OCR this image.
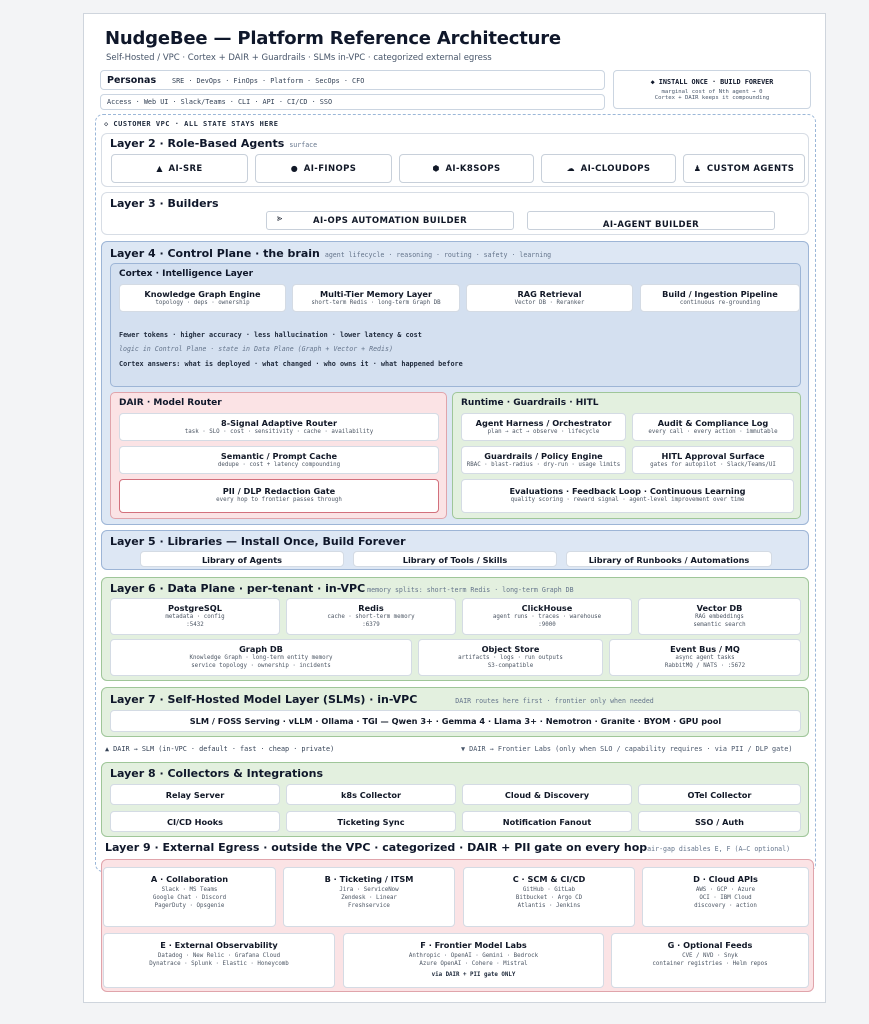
NudgeBee — Platform Reference Architecture
Self-Hosted / VPC · Cortex + DAIR + Guardrails · SLMs in-VPC · categorized external egress
Personas SRE · DevOps · FinOps · Platform · SecOps · CFO
Access · Web UI · Slack/Teams · CLI · API · CI/CD · SSO
◆ INSTALL ONCE · BUILD FOREVER
marginal cost of Nth agent → 0
Cortex + DAIR keeps it compounding
◇ CUSTOMER VPC · ALL STATE STAYS HERE
Layer 2 · Role-Based Agents surface
▲ AI-SRE	● AI-FINOPS	⬢ AI-K8SOPS	☁ AI-CLOUDOPS	♟ CUSTOM AGENTS
Layer 3 · Builders
⪢	AI-OPS AUTOMATION BUILDER	AI-AGENT BUILDER
Layer 4 · Control Plane · the brain agent lifecycle · reasoning · routing · safety · learning
Cortex · Intelligence Layer
Knowledge Graph Engine
topology · deps · ownership
Multi-Tier Memory Layer
short-term Redis · long-term Graph DB
RAG Retrieval
Vector DB · Reranker
Build / Ingestion Pipeline
continuous re-grounding
Fewer tokens · higher accuracy · less hallucination · lower latency & cost
logic in Control Plane · state in Data Plane (Graph + Vector + Redis)
Cortex answers: what is deployed · what changed · who owns it · what happened before
DAIR · Model Router
8-Signal Adaptive Router
task · SLO · cost · sensitivity · cache · availability
Semantic / Prompt Cache
dedupe · cost + latency compounding
PII / DLP Redaction Gate
every hop to frontier passes through
Runtime · Guardrails · HITL
Agent Harness / Orchestrator
plan → act → observe · lifecycle
Audit & Compliance Log
every call · every action · immutable
Guardrails / Policy Engine
RBAC · blast-radius · dry-run · usage limits
HITL Approval Surface
gates for autopilot · Slack/Teams/UI
Evaluations · Feedback Loop · Continuous Learning
quality scoring · reward signal · agent-level improvement over time
Layer 5 · Libraries — Install Once, Build Forever
Library of Agents	Library of Tools / Skills	Library of Runbooks / Automations
Layer 6 · Data Plane · per-tenant · in-VPC memory splits: short-term Redis · long-term Graph DB
PostgreSQL
metadata · config
:5432
Redis
cache · short-term memory
:6379
ClickHouse
agent runs · traces · warehouse
:9000
Vector DB
RAG embeddings
semantic search
Graph DB
Knowledge Graph · long-term entity memory
service topology · ownership · incidents
Object Store
artifacts · logs · run outputs
S3-compatible
Event Bus / MQ
async agent tasks
RabbitMQ / NATS · :5672
Layer 7 · Self-Hosted Model Layer (SLMs) · in-VPC	DAIR routes here first · frontier only when needed
SLM / FOSS Serving · vLLM · Ollama · TGI — Qwen 3+ · Gemma 4 · Llama 3+ · Nemotron · Granite · BYOM · GPU pool
▲ DAIR → SLM (in-VPC · default · fast · cheap · private)	▼ DAIR → Frontier Labs (only when SLO / capability requires · via PII / DLP gate)
Layer 8 · Collectors & Integrations
Relay Server	k8s Collector	Cloud & Discovery	OTel Collector
CI/CD Hooks	Ticketing Sync	Notification Fanout	SSO / Auth
Layer 9 · External Egress · outside the VPC · categorized · DAIR + PII gate on every hopair-gap disables E, F (A–C optional)
A · Collaboration
Slack · MS Teams
Google Chat · Discord
PagerDuty · Opsgenie
B · Ticketing / ITSM
Jira · ServiceNow
Zendesk · Linear
Freshservice
C · SCM & CI/CD
GitHub · GitLab
Bitbucket · Argo CD
Atlantis · Jenkins
D · Cloud APIs
AWS · GCP · Azure
OCI · IBM Cloud
discovery · action
E · External Observability
Datadog · New Relic · Grafana Cloud
Dynatrace · Splunk · Elastic · Honeycomb
F · Frontier Model Labs
Anthropic · OpenAI · Gemini · Bedrock
Azure OpenAI · Cohere · Mistral
via DAIR + PII gate ONLY
G · Optional Feeds
CVE / NVD · Snyk
container registries · Helm repos
